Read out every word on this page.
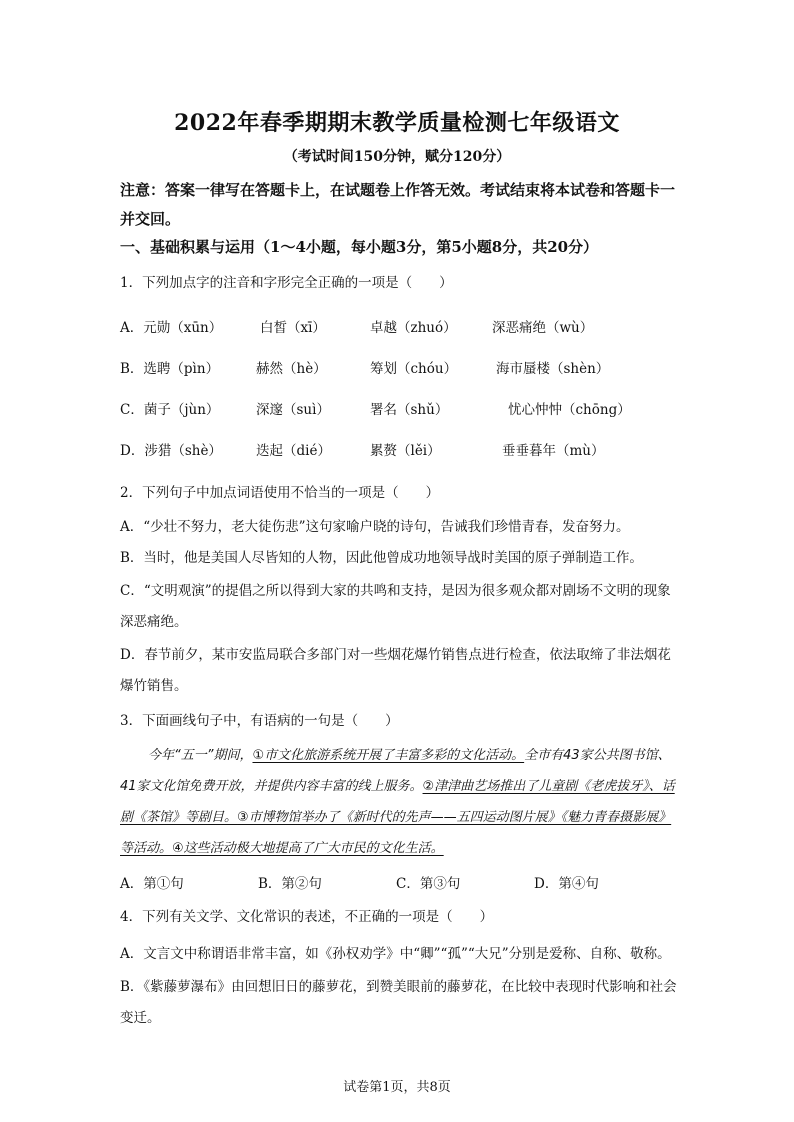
2022年春季期期末教学质量检测七年级语文
（考试时间150分钟，赋分120分）
注意：答案一律写在答题卡上，在试题卷上作答无效。考试结束将本试卷和答题卡一并交回。
一、基础积累与运用（1～4小题，每小题3分，第5小题8分，共20分）
1．下列加点字的注音和字形完全正确的一项是（　　）
A．元勋（xūn）	白皙（xī）	卓越（zhuó）	深恶痛绝（wù）
B．选聘（pìn）	赫然（hè）	筹划（chóu）	海市蜃楼（shèn）
C．菌子（jùn）	深邃（suì）	署名（shǔ）	忧心忡忡（chōng）
D．涉猎（shè）	迭起（dié）	累赘（lěi）	垂垂暮年（mù）
2．下列句子中加点词语使用不恰当的一项是（　　）
A．“少壮不努力，老大徒伤悲”这句家喻户晓的诗句，告诫我们珍惜青春，发奋努力。
B．当时，他是美国人尽皆知的人物，因此他曾成功地领导战时美国的原子弹制造工作。
C．“文明观演”的提倡之所以得到大家的共鸣和支持，是因为很多观众都对剧场不文明的现象深恶痛绝。
D．春节前夕，某市安监局联合多部门对一些烟花爆竹销售点进行检查，依法取缔了非法烟花爆竹销售。
3．下面画线句子中，有语病的一句是（　　）
今年“五一”期间，①市文化旅游系统开展了丰富多彩的文化活动。全市有43家公共图书馆、41家文化馆免费开放，并提供内容丰富的线上服务。②津津曲艺场推出了儿童剧《老虎拔牙》、话剧《茶馆》等剧目。③市博物馆举办了《新时代的先声——五四运动图片展》《魅力青春摄影展》等活动。④这些活动极大地提高了广大市民的文化生活。
A．第①句	B．第②句	C．第③句	D．第④句
4．下列有关文学、文化常识的表述，不正确的一项是（　　）
A．文言文中称谓语非常丰富，如《孙权劝学》中“卿”“孤”“大兄”分别是爱称、自称、敬称。
B．《紫藤萝瀑布》由回想旧日的藤萝花，到赞美眼前的藤萝花，在比较中表现时代影响和社会变迁。
试卷第1页，共8页
